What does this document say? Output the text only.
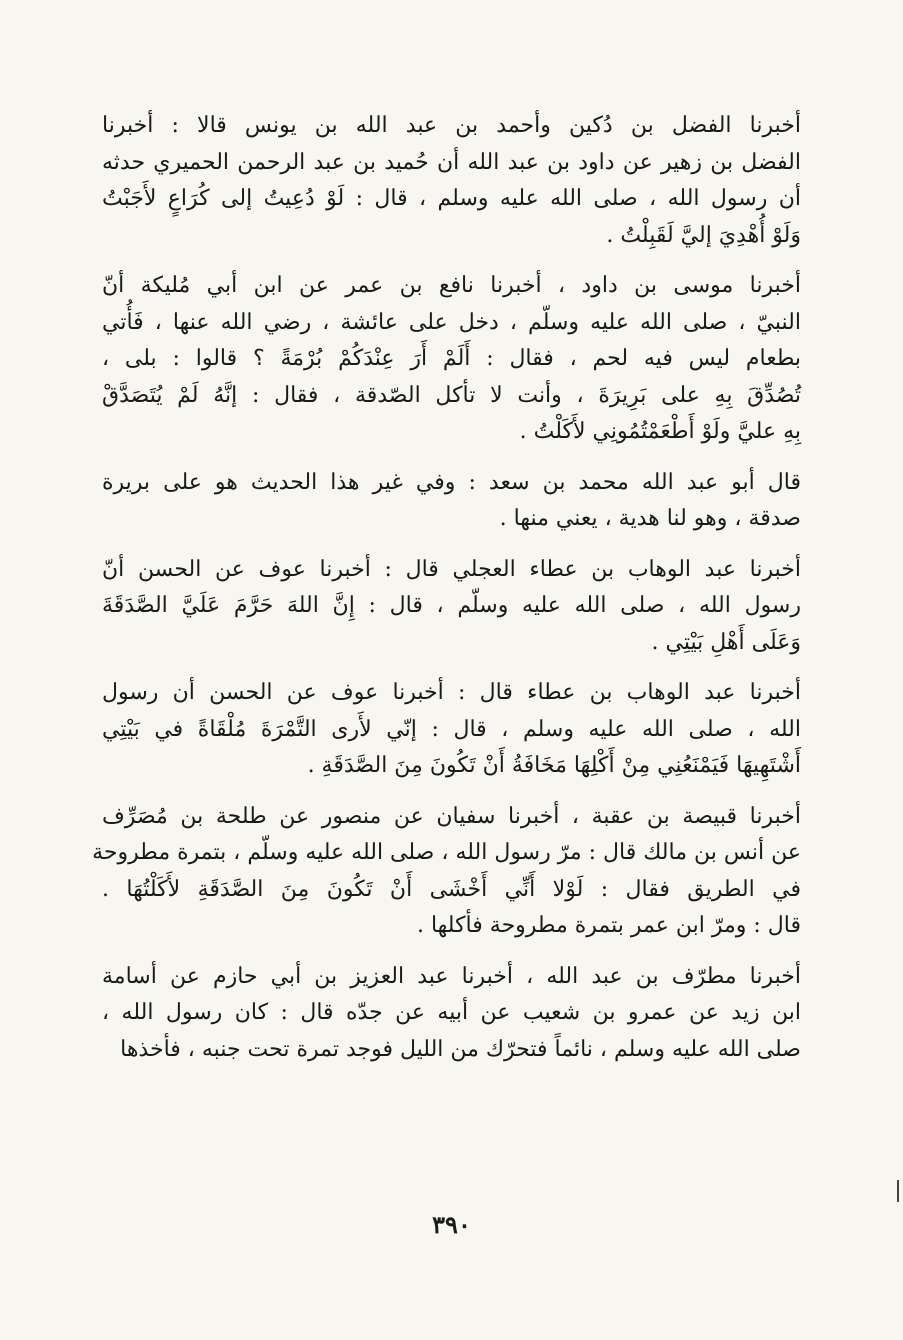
أخبرنا الفضل بن دُكين وأحمد بن عبد الله بن يونس قالا : أخبرنا
الفضل بن زهير عن داود بن عبد الله أن حُميد بن عبد الرحمن الحميري حدثه
أن رسول الله ، صلى الله عليه وسلم ، قال : لَوْ دُعِيتُ إلى كُرَاعٍ لأَجَبْتُ
وَلَوْ أُهْدِيَ إليَّ لَقَبِلْتُ .
أخبرنا موسى بن داود ، أخبرنا نافع بن عمر عن ابن أبي مُليكة أنّ
النبيّ ، صلى الله عليه وسلّم ، دخل على عائشة ، رضي الله عنها ، فَأُتي
بطعام ليس فيه لحم ، فقال : أَلَمْ أَرَ عِنْدَكُمْ بُرْمَةً ؟ قالوا : بلى ،
تُصُدِّقَ بِهِ على بَرِيرَةَ ، وأنت لا تأكل الصّدقة ، فقال : إنَّهُ لَمْ يُتَصَدَّقْ
بِهِ عليَّ ولَوْ أَطْعَمْتُمُونِي لأَكَلْتُ .
قال أبو عبد الله محمد بن سعد : وفي غير هذا الحديث هو على بريرة
صدقة ، وهو لنا هدية ، يعني منها .
أخبرنا عبد الوهاب بن عطاء العجلي قال : أخبرنا عوف عن الحسن أنّ
رسول الله ، صلى الله عليه وسلّم ، قال : إِنَّ اللهَ حَرَّمَ عَلَيَّ الصَّدَقَةَ
وَعَلَى أَهْلِ بَيْتِي .
أخبرنا عبد الوهاب بن عطاء قال : أخبرنا عوف عن الحسن أن رسول
الله ، صلى الله عليه وسلم ، قال : إنّي لأَرى التَّمْرَةَ مُلْقَاةً في بَيْتِي
أَشْتَهِيهَا فَيَمْنَعُنِي مِنْ أَكْلِهَا مَخَافَةُ أَنْ تَكُونَ مِنَ الصَّدَقَةِ .
أخبرنا قبيصة بن عقبة ، أخبرنا سفيان عن منصور عن طلحة بن مُصَرِّف
عن أنس بن مالك قال : مرّ رسول الله ، صلى الله عليه وسلّم ، بتمرة مطروحة
في الطريق فقال : لَوْلا أَنِّي أَخْشَى أَنْ تَكُونَ مِنَ الصَّدَقَةِ لأَكَلْتُهَا .
قال : ومرّ ابن عمر بتمرة مطروحة فأكلها .
أخبرنا مطرّف بن عبد الله ، أخبرنا عبد العزيز بن أبي حازم عن أسامة
ابن زيد عن عمرو بن شعيب عن أبيه عن جدّه قال : كان رسول الله ،
صلى الله عليه وسلم ، نائماً فتحرّك من الليل فوجد تمرة تحت جنبه ، فأخذها
٣٩٠
